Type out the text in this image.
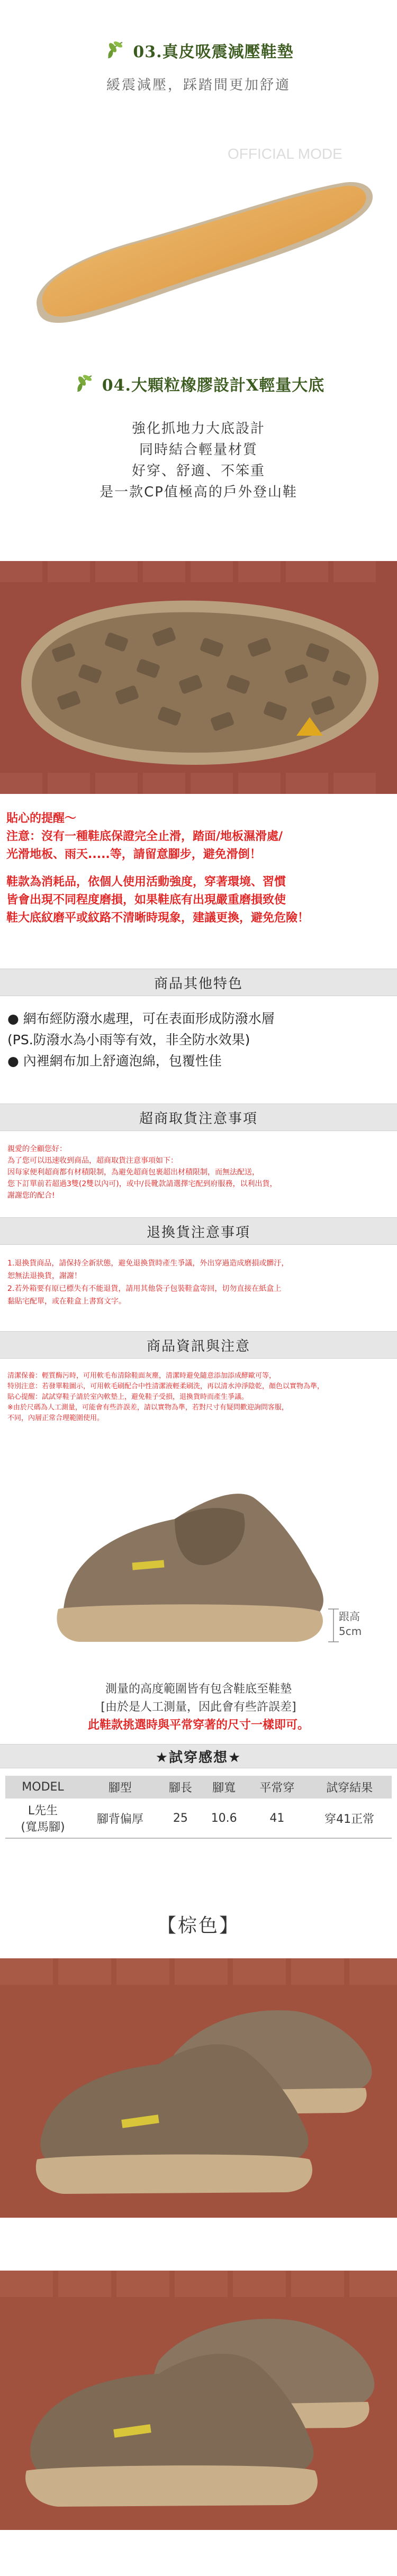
03.真皮吸震減壓鞋墊
緩震減壓，踩踏間更加舒適
OFFICIAL MODE
04.大顆粒橡膠設計X輕量大底
強化抓地力大底設計
同時結合輕量材質
好穿、舒適、不笨重
是一款CP值極高的戶外登山鞋
貼心的提醒～
注意：沒有一種鞋底保證完全止滑，踏面/地板濕滑處/
光滑地板、雨天.....等，請留意腳步，避免滑倒！
鞋款為消耗品，依個人使用活動強度，穿著環境、習慣
皆會出現不同程度磨損，如果鞋底有出現嚴重磨損致使
鞋大底紋磨平或紋路不清晰時現象，建議更換，避免危險！
商品其他特色
● 網布經防潑水處理，可在表面形成防潑水層
(PS.防潑水為小雨等有效，非全防水效果)
● 內裡網布加上舒適泡綿，包覆性佳
超商取貨注意事項
親愛的全顧您好：
為了您可以迅速收到商品，超商取貨注意事項如下：
因每家便利超商都有材積限制，為避免超商包裹超出材積限制，而無法配送，
您下訂單前若超過3雙(2雙以內可)，或中/長靴款請選擇宅配到府服務，以利出貨，
謝謝您的配合!
退換貨注意事項
1.退換貨商品，請保持全新狀態，避免退換貨時產生爭議，外出穿過造成磨損或髒汙，
恕無法退換貨，謝謝！
2.若外箱要有原已標失有不能退貨，請用其他袋子包裝鞋盒寄回，切勿直接在紙盒上
黏貼宅配單，或在鞋盒上書寫文字。
商品資訊與注意
清潔保養：輕質酶污時，可用軟毛布清除鞋面灰塵，清潔時避免隨意添加添成酵歐可等，
特別注意：若發單鞋圖示，可用軟毛刷配合中性清潔液輕柔刷洗，再以清水沖淨陰乾，顏色以實物為準，
貼心提醒：試試穿鞋子請於室內軟墊上，避免鞋子受損，退換貨時而產生爭議。
※由於尺碼為人工測量，可能會有些許誤差，請以實物為準，若對尺寸有疑問歡迎詢問客服，
不同，內層正常合理範圍使用。
跟高
5cm
測量的高度範圍皆有包含鞋底至鞋墊
[由於是人工測量，因此會有些許誤差]
此鞋款挑選時與平常穿著的尺寸一樣即可。
★試穿感想★
MODEL	腳型	腳長	腳寬	平常穿	試穿結果
L先生
(寬馬腳)	腳背偏厚	25	10.6	41	穿41正常
【棕色】
